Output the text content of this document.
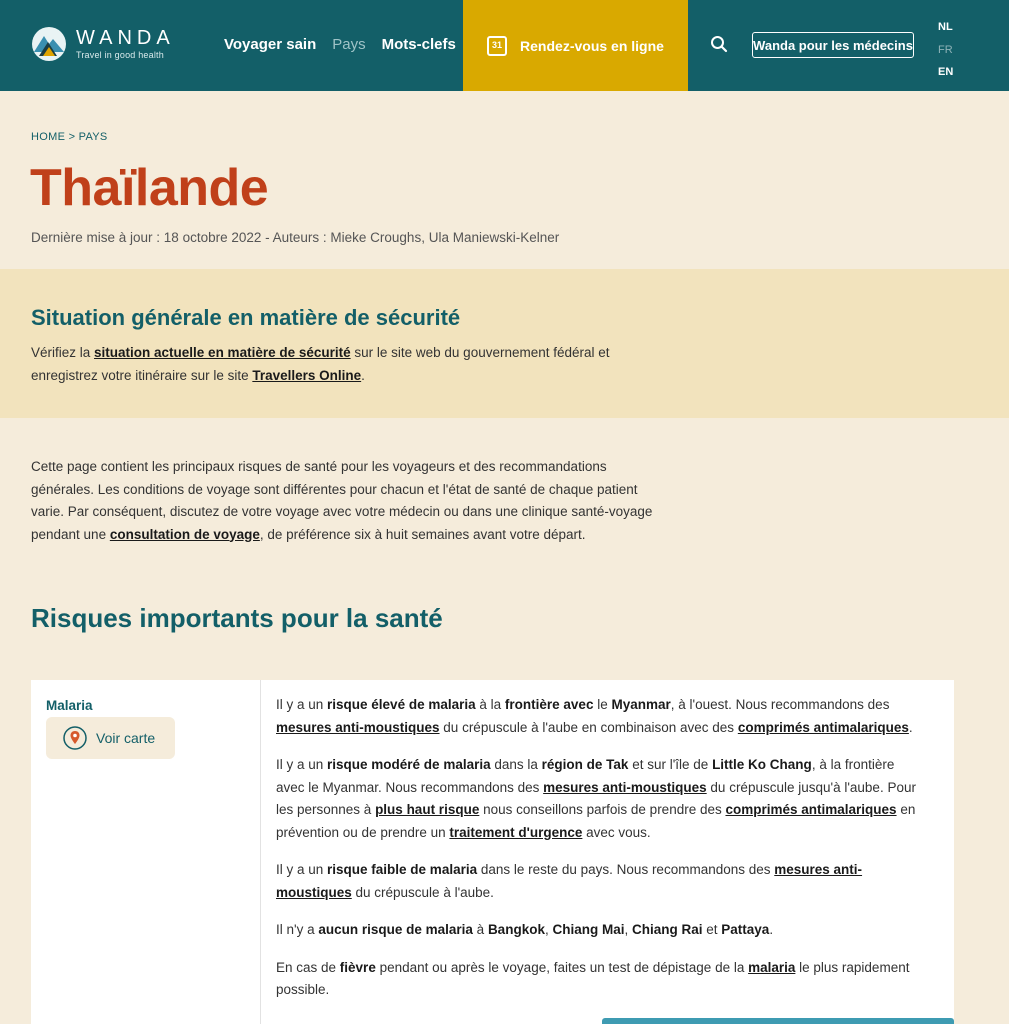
WANDA
Travel in good health
Voyager sain Pays Mots-clefs	31	Rendez-vous en ligne	Wanda pour les médecins
NL
FR
EN
HOME > PAYS
Thaïlande
Dernière mise à jour : 18 octobre 2022 - Auteurs : Mieke Croughs, Ula Maniewski-Kelner
Situation générale en matière de sécurité

Vérifiez la situation actuelle en matière de sécurité sur le site web du gouvernement fédéral et enregistrez votre itinéraire sur le site Travellers Online.

Cette page contient les principaux risques de santé pour les voyageurs et des recommandations générales. Les conditions de voyage sont différentes pour chacun et l'état de santé de chaque patient varie. Par conséquent, discutez de votre voyage avec votre médecin ou dans une clinique santé-voyage pendant une consultation de voyage, de préférence six à huit semaines avant votre départ.

Risques importants pour la santé
Malaria
Voir carte

Il y a un risque élevé de malaria à la frontière avec le Myanmar, à l'ouest. Nous recommandons des mesures anti-moustiques du crépuscule à l'aube en combinaison avec des comprimés antimalariques.

Il y a un risque modéré de malaria dans la région de Tak et sur l'île de Little Ko Chang, à la frontière avec le Myanmar. Nous recommandons des mesures anti-moustiques du crépuscule jusqu'à l'aube. Pour les personnes à plus haut risque nous conseillons parfois de prendre des comprimés antimalariques en prévention ou de prendre un traitement d'urgence avec vous.

Il y a un risque faible de malaria dans le reste du pays. Nous recommandons des mesures anti-moustiques du crépuscule à l'aube.

Il n'y a aucun risque de malaria à Bangkok, Chiang Mai, Chiang Rai et Pattaya.

En cas de fièvre pendant ou après le voyage, faites un test de dépistage de la malaria le plus rapidement possible.
